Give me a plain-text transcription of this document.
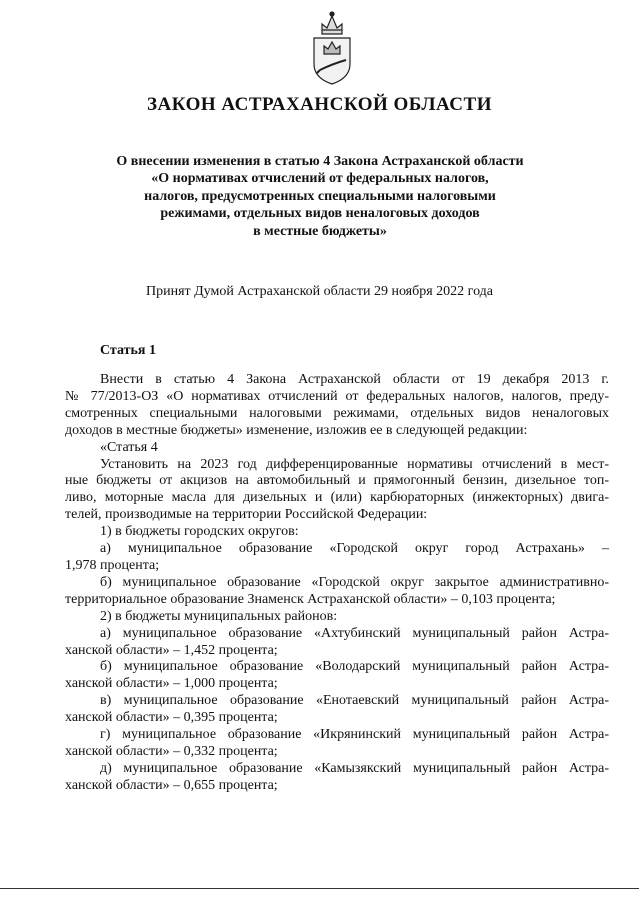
ЗАКОН АСТРАХАНСКОЙ ОБЛАСТИ
О внесении изменения в статью 4 Закона Астраханской области
«О нормативах отчислений от федеральных налогов,
налогов, предусмотренных специальными налоговыми
режимами, отдельных видов неналоговых доходов
в местные бюджеты»
Принят Думой Астраханской области 29 ноября 2022 года
Статья 1

Внести в статью 4 Закона Астраханской области от 19 декабря 2013 г.

№ 77/2013-ОЗ «О нормативах отчислений от федеральных налогов, налогов, преду-
смотренных специальными налоговыми режимами, отдельных видов неналоговых
доходов в местные бюджеты» изменение, изложив ее в следующей редакции:

«Статья 4

Установить на 2023 год дифференцированные нормативы отчислений в мест-

ные бюджеты от акцизов на автомобильный и прямогонный бензин, дизельное топ-
ливо, моторные масла для дизельных и (или) карбюраторных (инжекторных) двига-
телей, производимые на территории Российской Федерации:

1) в бюджеты городских округов:

а) муниципальное образование «Городской округ город Астрахань» –

1,978 процента;

б) муниципальное образование «Городской округ закрытое административно-

территориальное образование Знаменск Астраханской области» – 0,103 процента;

2) в бюджеты муниципальных районов:

а) муниципальное образование «Ахтубинский муниципальный район Астра-

ханской области» – 1,452 процента;

б) муниципальное образование «Володарский муниципальный район Астра-

ханской области» – 1,000 процента;

в) муниципальное образование «Енотаевский муниципальный район Астра-

ханской области» – 0,395 процента;

г) муниципальное образование «Икрянинский муниципальный район Астра-

ханской области» – 0,332 процента;

д) муниципальное образование «Камызякский муниципальный район Астра-

ханской области» – 0,655 процента;
